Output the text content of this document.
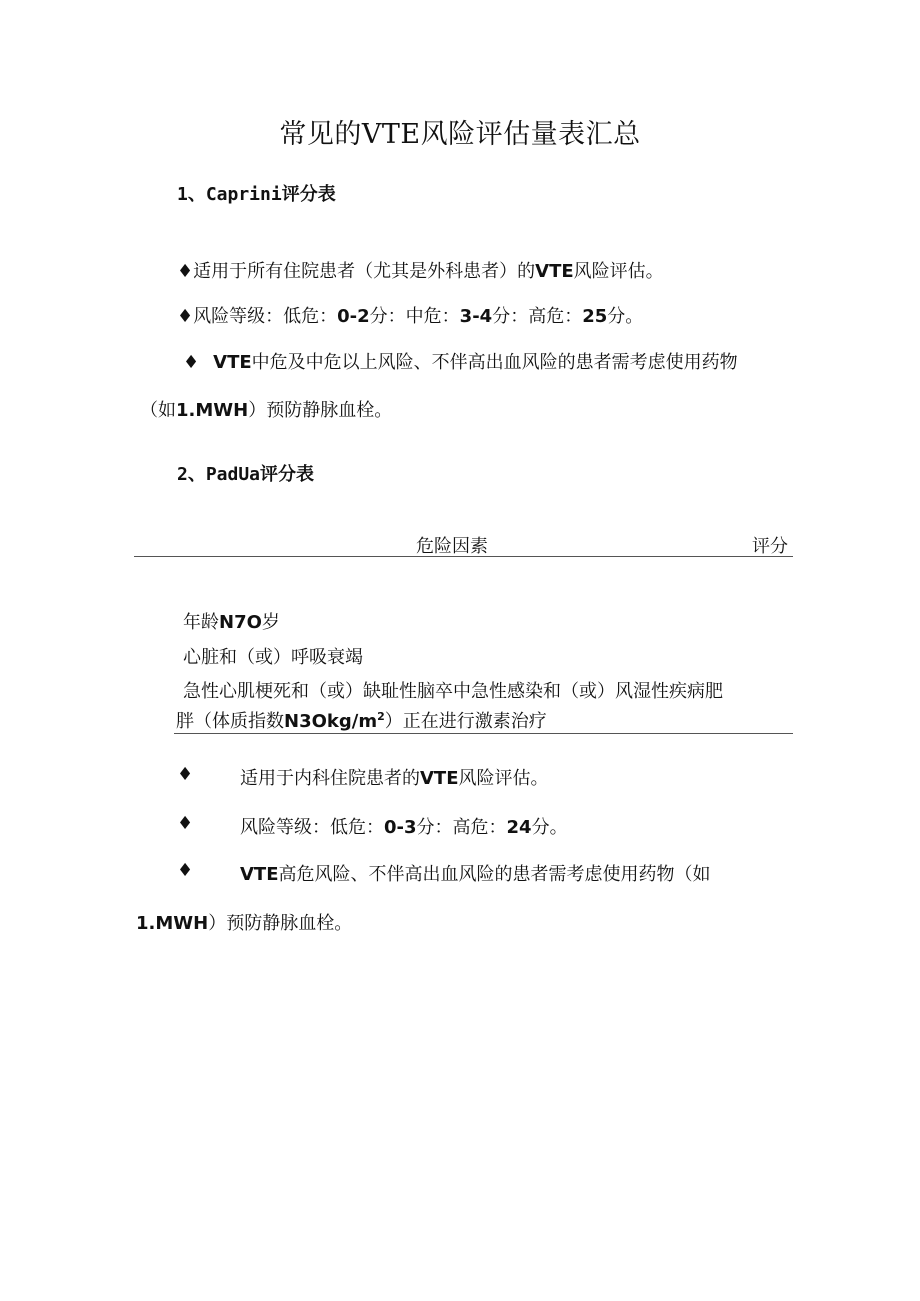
常见的VTE风险评估量表汇总
1、Caprini评分表
♦适用于所有住院患者（尤其是外科患者）的VTE风险评估。
♦风险等级：低危：0-2分：中危：3-4分：高危：25分。
♦ VTE中危及中危以上风险、不伴高出血风险的患者需考虑使用药物
（如1.MWH）预防静脉血栓。
2、PadUa评分表
危险因素	评分
年龄N7O岁
心脏和（或）呼吸衰竭
急性心肌梗死和（或）缺耻性脑卒中急性感染和（或）风湿性疾病肥
胖（体质指数$N3Okg∕m^2$）正在进行激素治疗
♦	适用于内科住院患者的VTE风险评估。
♦	风险等级：低危：0-3分：高危：24分。
♦	VTE高危风险、不伴高出血风险的患者需考虑使用药物（如
1.MWH）预防静脉血栓。
